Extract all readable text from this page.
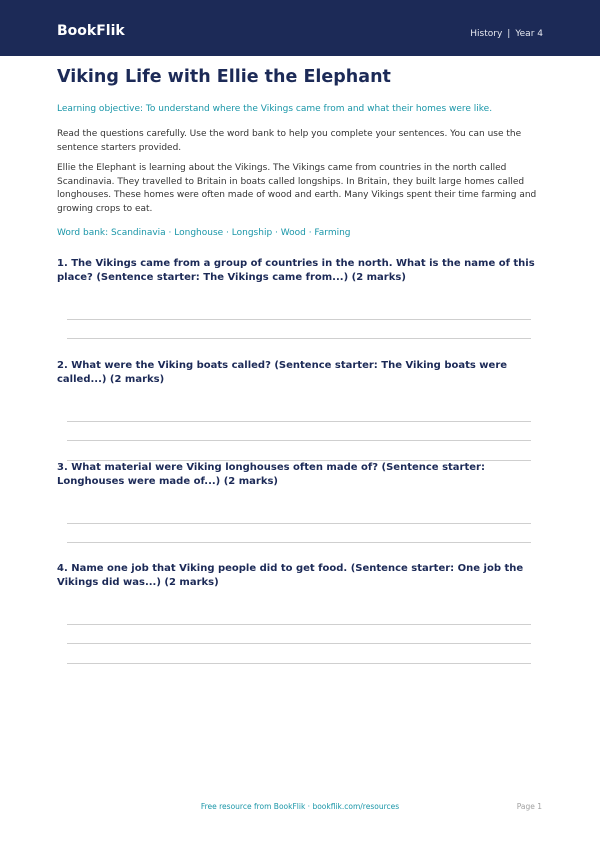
BookFlik	History | Year 4
Viking Life with Ellie the Elephant
Learning objective: To understand where the Vikings came from and what their homes were like.
Read the questions carefully. Use the word bank to help you complete your sentences. You can use the sentence starters provided.
Ellie the Elephant is learning about the Vikings. The Vikings came from countries in the north called Scandinavia. They travelled to Britain in boats called longships. In Britain, they built large homes called longhouses. These homes were often made of wood and earth. Many Vikings spent their time farming and growing crops to eat.
Word bank: Scandinavia · Longhouse · Longship · Wood · Farming
1. The Vikings came from a group of countries in the north. What is the name of this place? (Sentence starter: The Vikings came from...) (2 marks)
2. What were the Viking boats called? (Sentence starter: The Viking boats were called...) (2 marks)
3. What material were Viking longhouses often made of? (Sentence starter: Longhouses were made of...) (2 marks)
4. Name one job that Viking people did to get food. (Sentence starter: One job the Vikings did was...) (2 marks)
Free resource from BookFlik · bookflik.com/resources	Page 1
